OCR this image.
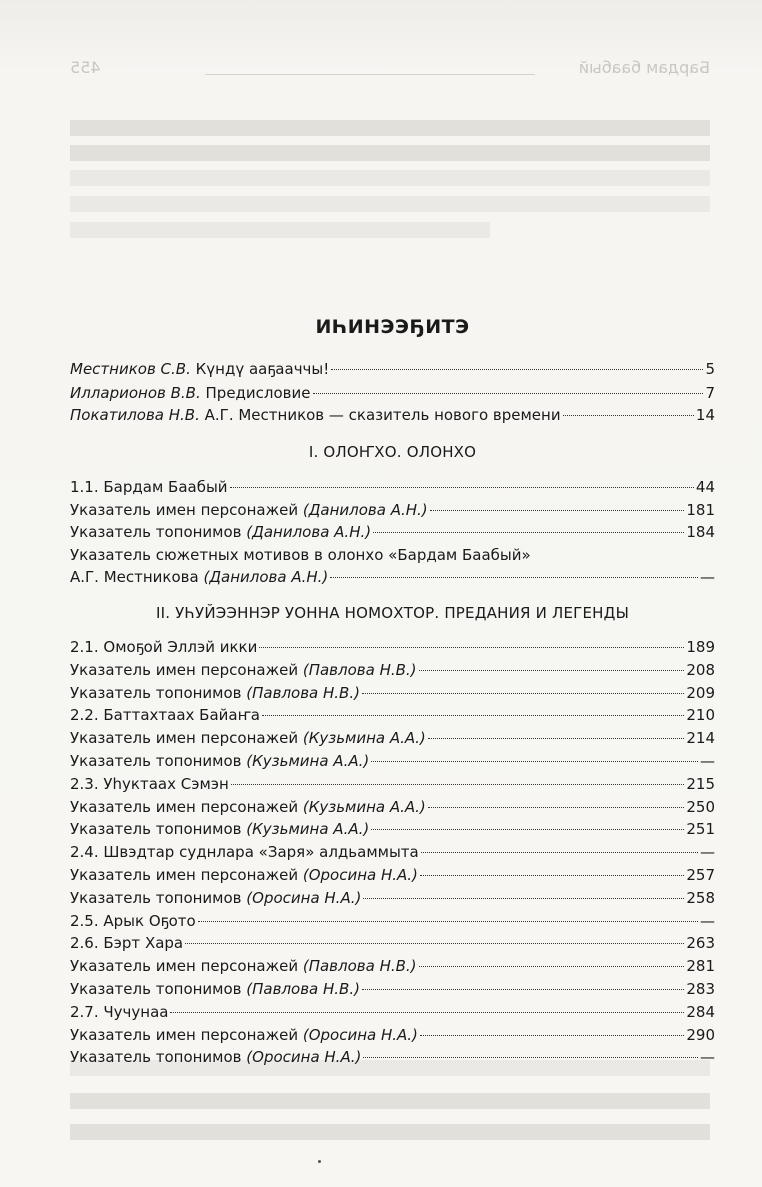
Бардам баабый
455
ИҺИНЭЭҔИТЭ
Местников С.В. Күндү ааҕааччы!	5
Илларионов В.В. Предисловие	7
Покатилова Н.В. А.Г. Местников — сказитель нового времени	14
I. ОЛОҤХО. ОЛОНХО
1.1. Бардам Баабый	44
Указатель имен персонажей (Данилова А.Н.)	181
Указатель топонимов (Данилова А.Н.)	184
Указатель сюжетных мотивов в олонхо «Бардам Баабый»
А.Г. Местникова (Данилова А.Н.)	—
II. УҺУЙЭЭННЭР УОННА НОМОХТОР. ПРЕДАНИЯ И ЛЕГЕНДЫ
2.1. Омоҕой Эллэй икки	189
Указатель имен персонажей (Павлова Н.В.)	208
Указатель топонимов (Павлова Н.В.)	209
2.2. Баттахтаах Байаҥа	210
Указатель имен персонажей (Кузьмина А.А.)	214
Указатель топонимов (Кузьмина А.А.)	—
2.3. Уһуктаах Сэмэн	215
Указатель имен персонажей (Кузьмина А.А.)	250
Указатель топонимов (Кузьмина А.А.)	251
2.4. Швэдтар суднлара «Заря» алдьаммыта	—
Указатель имен персонажей (Оросина Н.А.)	257
Указатель топонимов (Оросина Н.А.)	258
2.5. Арык Оҕото	—
2.6. Бэрт Хара	263
Указатель имен персонажей (Павлова Н.В.)	281
Указатель топонимов (Павлова Н.В.)	283
2.7. Чучунаа	284
Указатель имен персонажей (Оросина Н.А.)	290
Указатель топонимов (Оросина Н.А.)	—
